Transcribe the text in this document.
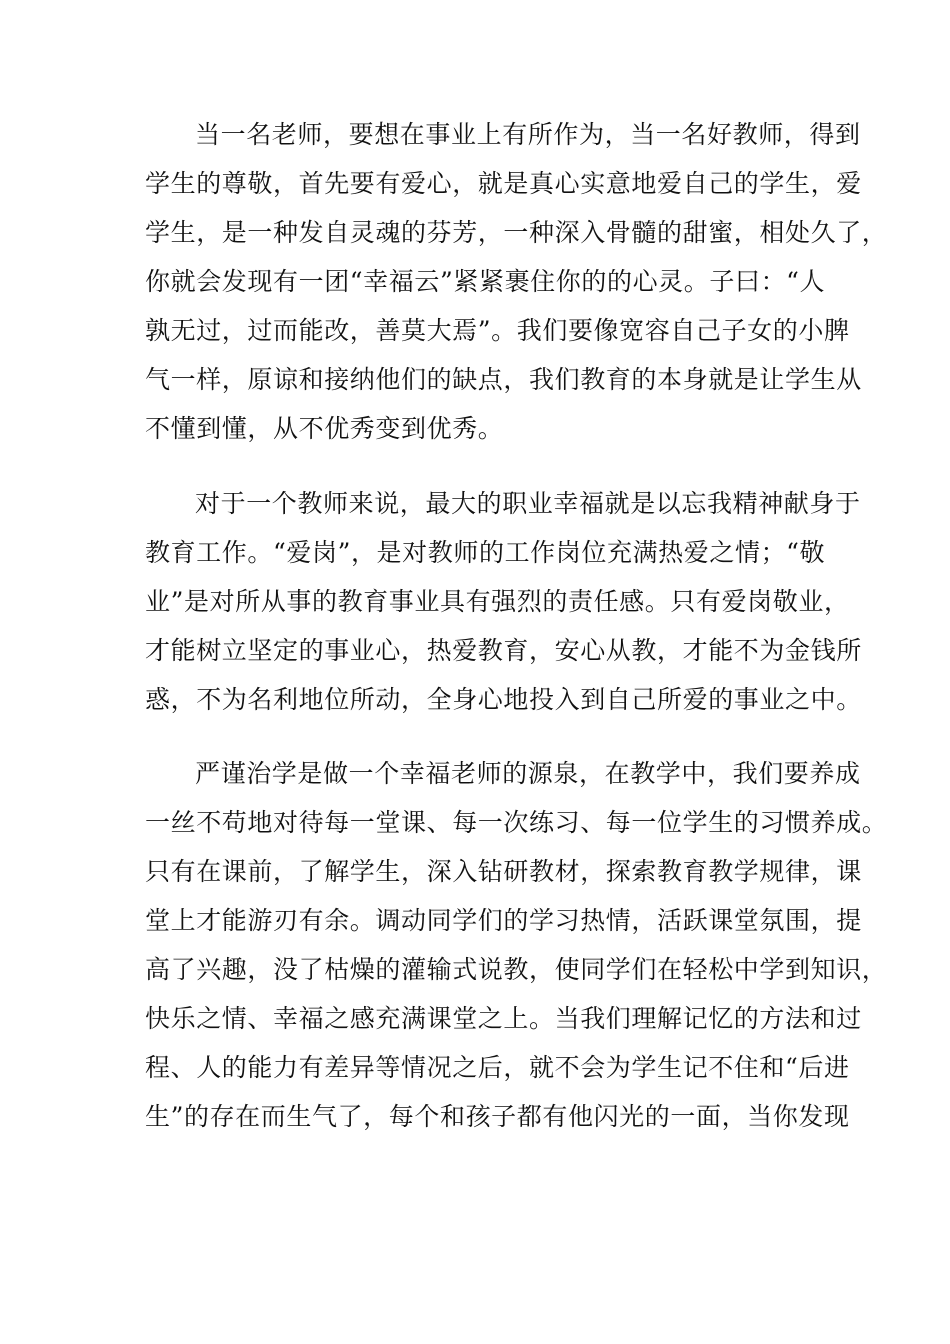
当一名老师，要想在事业上有所作为，当一名好教师，得到
学生的尊敬，首先要有爱心，就是真心实意地爱自己的学生，爱
学生，是一种发自灵魂的芬芳，一种深入骨髓的甜蜜，相处久了，
你就会发现有一团“幸福云”紧紧裹住你的的心灵。子曰：“人
孰无过，过而能改，善莫大焉”。我们要像宽容自己子女的小脾
气一样，原谅和接纳他们的缺点，我们教育的本身就是让学生从
不懂到懂，从不优秀变到优秀。
对于一个教师来说，最大的职业幸福就是以忘我精神献身于
教育工作。“爱岗”，是对教师的工作岗位充满热爱之情；“敬
业”是对所从事的教育事业具有强烈的责任感。只有爱岗敬业，
才能树立坚定的事业心，热爱教育，安心从教，才能不为金钱所
惑，不为名利地位所动，全身心地投入到自己所爱的事业之中。
严谨治学是做一个幸福老师的源泉，在教学中，我们要养成
一丝不苟地对待每一堂课、每一次练习、每一位学生的习惯养成。
只有在课前，了解学生，深入钻研教材，探索教育教学规律，课
堂上才能游刃有余。调动同学们的学习热情，活跃课堂氛围，提
高了兴趣，没了枯燥的灌输式说教，使同学们在轻松中学到知识，
快乐之情、幸福之感充满课堂之上。当我们理解记忆的方法和过
程、人的能力有差异等情况之后，就不会为学生记不住和“后进
生”的存在而生气了，每个和孩子都有他闪光的一面，当你发现
